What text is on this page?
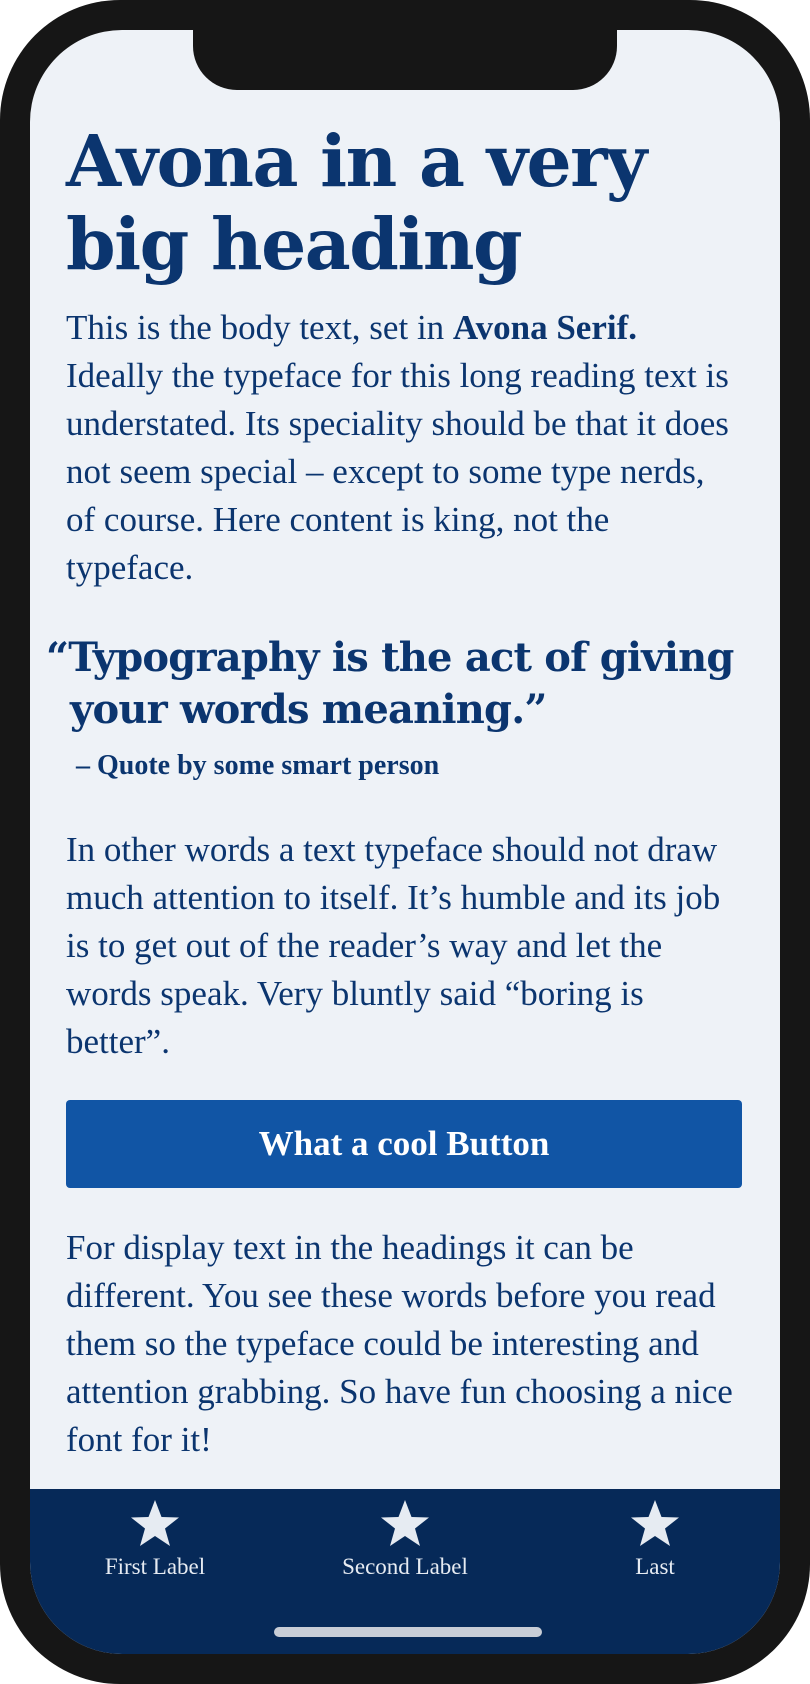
Avona in a very
big heading

This is the body text, set in Avona Serif. Ideally the typeface for this long reading text is understated. Its speciality should be that it does not seem special – except to some type nerds, of course. Here content is king, not the typeface.

“Typography is the act of giving
your words meaning.”
– Quote by some smart person

In other words a text typeface should not draw much attention to itself. It’s humble and its job is to get out of the reader’s way and let the words speak. Very bluntly said “boring is better”.

What a cool Button

For display text in the headings it can be different. You see these words before you read them so the typeface could be interesting and attention grabbing. So have fun choosing a nice font for it!

First Label	Second Label	Last
